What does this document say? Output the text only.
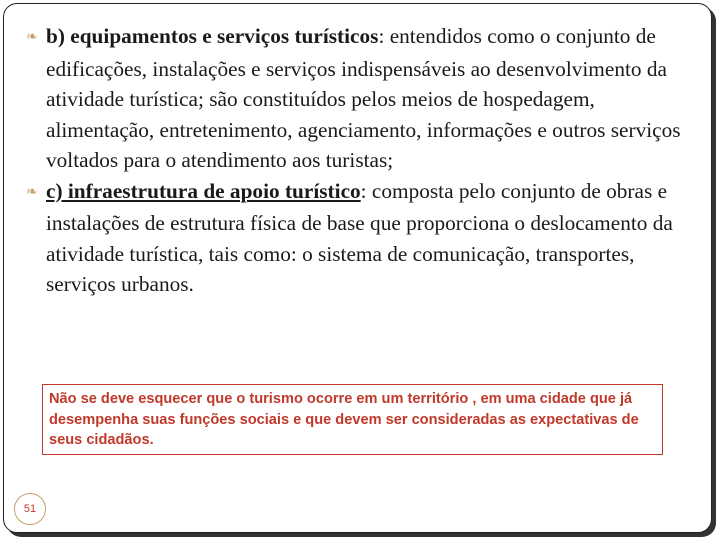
❧ b) equipamentos e serviços turísticos: entendidos como o conjunto de edificações, instalações e serviços indispensáveis ao desenvolvimento da atividade turística; são constituídos pelos meios de hospedagem, alimentação, entretenimento, agenciamento, informações e outros serviços voltados para o atendimento aos turistas;
❧ c) infraestrutura de apoio turístico: composta pelo conjunto de obras e instalações de estrutura física de base que proporciona o deslocamento da atividade turística, tais como: o sistema de comunicação, transportes, serviços urbanos.
Não se deve esquecer que o turismo ocorre em um território , em uma cidade que já desempenha suas funções sociais e que devem ser consideradas as expectativas de seus cidadãos.
51
